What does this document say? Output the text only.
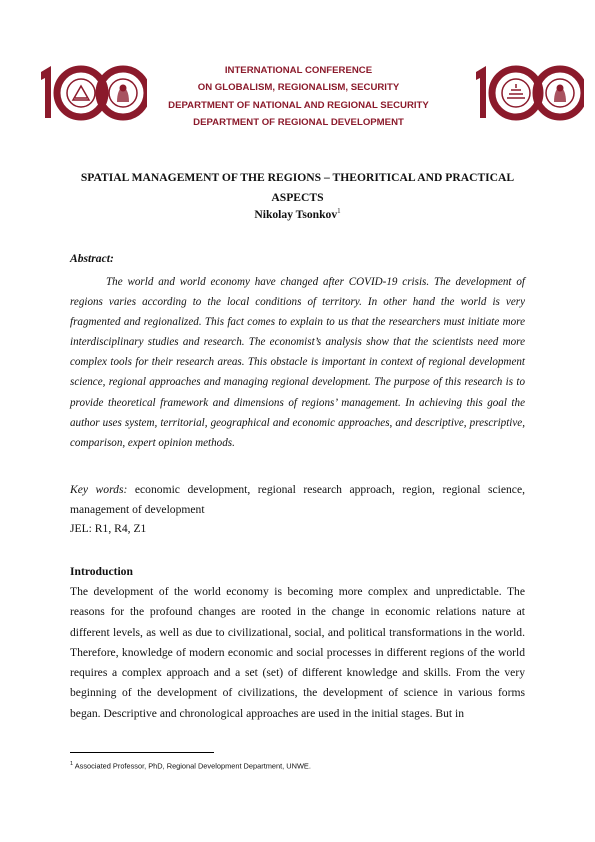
INTERNATIONAL CONFERENCE
ON GLOBALISM, REGIONALISM, SECURITY
DEPARTMENT OF NATIONAL AND REGIONAL SECURITY
DEPARTMENT OF REGIONAL DEVELOPMENT
SPATIAL MANAGEMENT OF THE REGIONS – THEORITICAL AND PRACTICAL ASPECTS
Nikolay Tsonkov$^1$
Abstract:

The world and world economy have changed after COVID-19 crisis. The development of regions varies according to the local conditions of territory. In other hand the world is very fragmented and regionalized. This fact comes to explain to us that the researchers must initiate more interdisciplinary studies and research. The economist’s analysis show that the scientists need more complex tools for their research areas. This obstacle is important in context of regional development science, regional approaches and managing regional development. The purpose of this research is to provide theoretical framework and dimensions of regions’ management. In achieving this goal the author uses system, territorial, geographical and economic approaches, and descriptive, prescriptive, comparison, expert opinion methods.

Key words: economic development, regional research approach, region, regional science, management of development

JEL: R1, R4, Z1
Introduction

The development of the world economy is becoming more complex and unpredictable. The reasons for the profound changes are rooted in the change in economic relations nature at different levels, as well as due to civilizational, social, and political transformations in the world. Therefore, knowledge of modern economic and social processes in different regions of the world requires a complex approach and a set (set) of different knowledge and skills. From the very beginning of the development of civilizations, the development of science in various forms began. Descriptive and chronological approaches are used in the initial stages. But in

$^1$ Associated Professor, PhD, Regional Development Department, UNWE.
